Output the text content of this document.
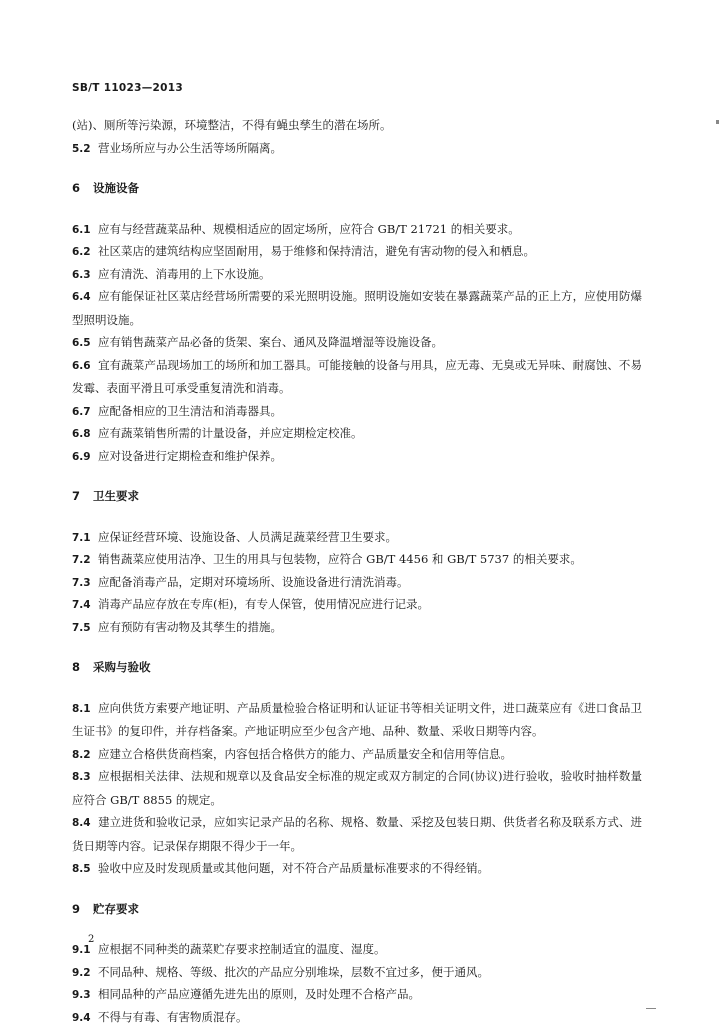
SB/T 11023—2013
(站)、厕所等污染源，环境整洁，不得有蝇虫孳生的潜在场所。
5.2 营业场所应与办公生活等场所隔离。
6 设施设备
6.1 应有与经营蔬菜品种、规模相适应的固定场所，应符合 GB/T 21721 的相关要求。
6.2 社区菜店的建筑结构应坚固耐用，易于维修和保持清洁，避免有害动物的侵入和栖息。
6.3 应有清洗、消毒用的上下水设施。
6.4 应有能保证社区菜店经营场所需要的采光照明设施。照明设施如安装在暴露蔬菜产品的正上方，应使用防爆型照明设施。
6.5 应有销售蔬菜产品必备的货架、案台、通风及降温增湿等设施设备。
6.6 宜有蔬菜产品现场加工的场所和加工器具。可能接触的设备与用具，应无毒、无臭或无异味、耐腐蚀、不易发霉、表面平滑且可承受重复清洗和消毒。
6.7 应配备相应的卫生清洁和消毒器具。
6.8 应有蔬菜销售所需的计量设备，并应定期检定校准。
6.9 应对设备进行定期检查和维护保养。
7 卫生要求
7.1 应保证经营环境、设施设备、人员满足蔬菜经营卫生要求。
7.2 销售蔬菜应使用洁净、卫生的用具与包装物，应符合 GB/T 4456 和 GB/T 5737 的相关要求。
7.3 应配备消毒产品，定期对环境场所、设施设备进行清洗消毒。
7.4 消毒产品应存放在专库(柜)，有专人保管，使用情况应进行记录。
7.5 应有预防有害动物及其孳生的措施。
8 采购与验收
8.1 应向供货方索要产地证明、产品质量检验合格证明和认证证书等相关证明文件，进口蔬菜应有《进口食品卫生证书》的复印件，并存档备案。产地证明应至少包含产地、品种、数量、采收日期等内容。
8.2 应建立合格供货商档案，内容包括合格供方的能力、产品质量安全和信用等信息。
8.3 应根据相关法律、法规和规章以及食品安全标准的规定或双方制定的合同(协议)进行验收，验收时抽样数量应符合 GB/T 8855 的规定。
8.4 建立进货和验收记录，应如实记录产品的名称、规格、数量、采挖及包装日期、供货者名称及联系方式、进货日期等内容。记录保存期限不得少于一年。
8.5 验收中应及时发现质量或其他问题，对不符合产品质量标准要求的不得经销。
9 贮存要求
9.1 应根据不同种类的蔬菜贮存要求控制适宜的温度、湿度。
9.2 不同品种、规格、等级、批次的产品应分别堆垛，层数不宜过多，便于通风。
9.3 相同品种的产品应遵循先进先出的原则，及时处理不合格产品。
9.4 不得与有毒、有害物质混存。
2
